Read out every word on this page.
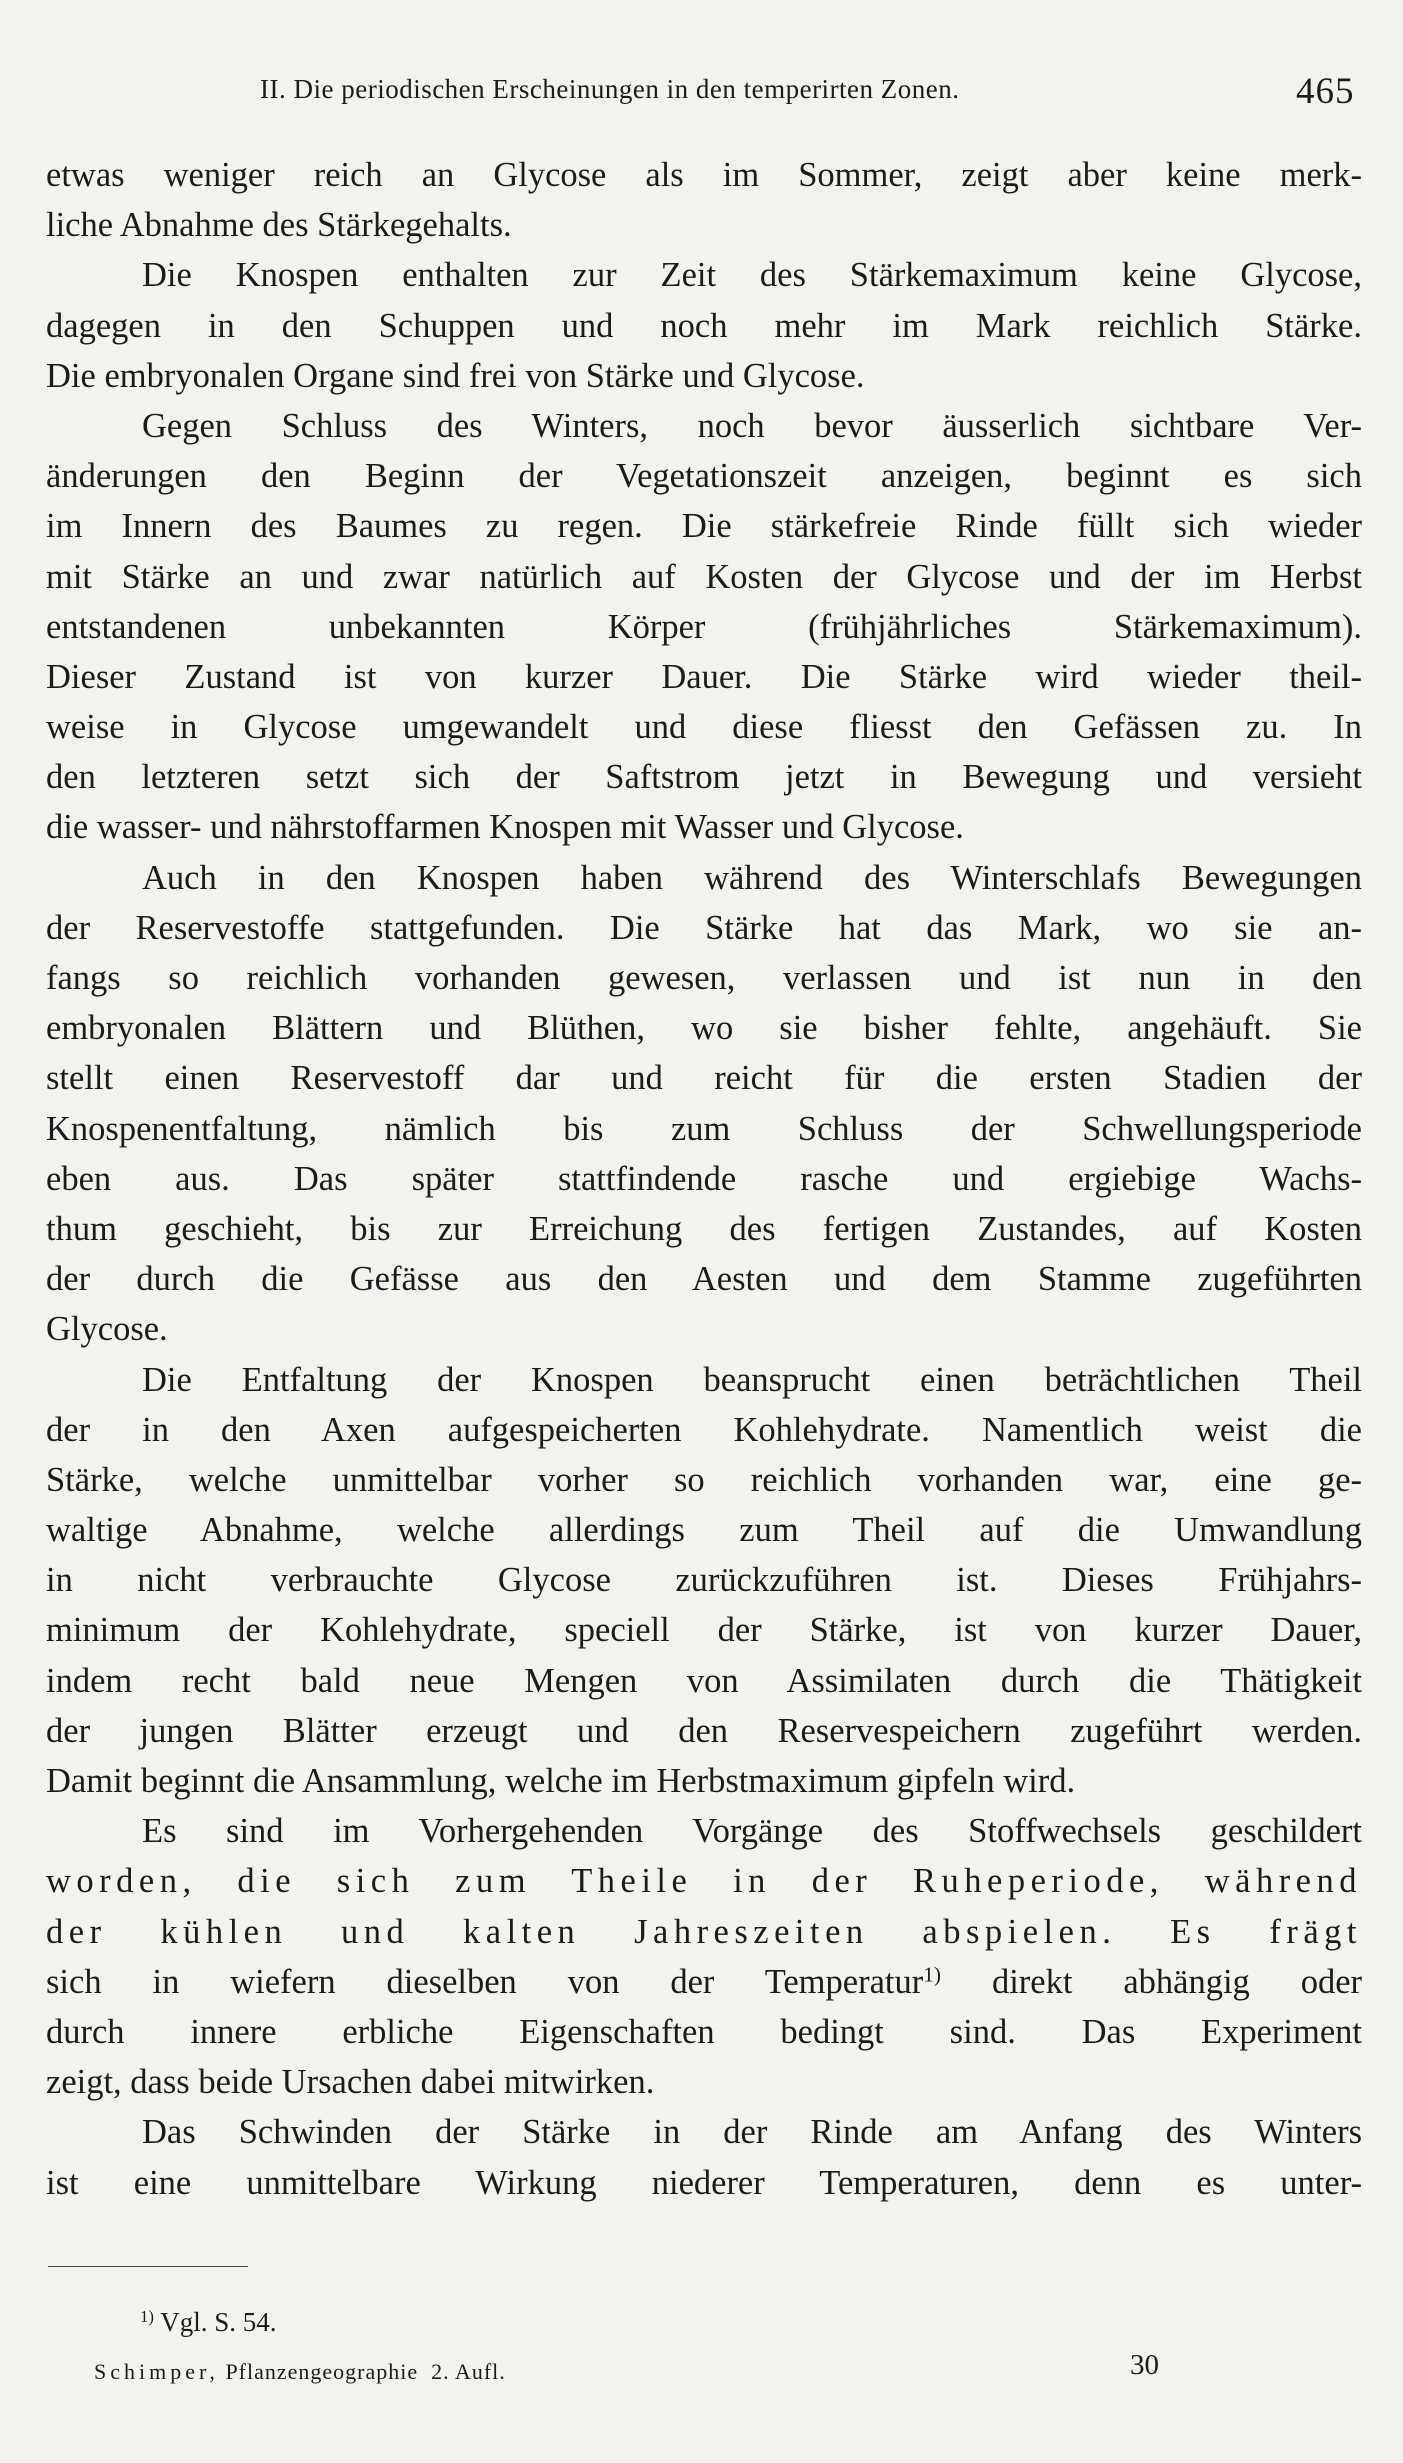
II. Die periodischen Erscheinungen in den temperirten Zonen.	465
etwas weniger reich an Glycose als im Sommer, zeigt aber keine merk-
liche Abnahme des Stärkegehalts.
Die Knospen enthalten zur Zeit des Stärkemaximum keine Glycose,
dagegen in den Schuppen und noch mehr im Mark reichlich Stärke.
Die embryonalen Organe sind frei von Stärke und Glycose.
Gegen Schluss des Winters, noch bevor äusserlich sichtbare Ver-
änderungen den Beginn der Vegetationszeit anzeigen, beginnt es sich
im Innern des Baumes zu regen. Die stärkefreie Rinde füllt sich wieder
mit Stärke an und zwar natürlich auf Kosten der Glycose und der im Herbst
entstandenen unbekannten Körper (frühjährliches Stärkemaximum).
Dieser Zustand ist von kurzer Dauer. Die Stärke wird wieder theil-
weise in Glycose umgewandelt und diese fliesst den Gefässen zu. In
den letzteren setzt sich der Saftstrom jetzt in Bewegung und versieht
die wasser- und nährstoffarmen Knospen mit Wasser und Glycose.
Auch in den Knospen haben während des Winterschlafs Bewegungen
der Reservestoffe stattgefunden. Die Stärke hat das Mark, wo sie an-
fangs so reichlich vorhanden gewesen, verlassen und ist nun in den
embryonalen Blättern und Blüthen, wo sie bisher fehlte, angehäuft. Sie
stellt einen Reservestoff dar und reicht für die ersten Stadien der
Knospenentfaltung, nämlich bis zum Schluss der Schwellungsperiode
eben aus. Das später stattfindende rasche und ergiebige Wachs-
thum geschieht, bis zur Erreichung des fertigen Zustandes, auf Kosten
der durch die Gefässe aus den Aesten und dem Stamme zugeführten
Glycose.
Die Entfaltung der Knospen beansprucht einen beträchtlichen Theil
der in den Axen aufgespeicherten Kohlehydrate. Namentlich weist die
Stärke, welche unmittelbar vorher so reichlich vorhanden war, eine ge-
waltige Abnahme, welche allerdings zum Theil auf die Umwandlung
in nicht verbrauchte Glycose zurückzuführen ist. Dieses Frühjahrs-
minimum der Kohlehydrate, speciell der Stärke, ist von kurzer Dauer,
indem recht bald neue Mengen von Assimilaten durch die Thätigkeit
der jungen Blätter erzeugt und den Reservespeichern zugeführt werden.
Damit beginnt die Ansammlung, welche im Herbstmaximum gipfeln wird.
Es sind im Vorhergehenden Vorgänge des Stoffwechsels geschildert
worden, die sich zum Theile in der Ruheperiode, während
der kühlen und kalten Jahreszeiten abspielen. Es frägt
sich in wiefern dieselben von der Temperatur$^{1)}$ direkt abhängig oder
durch innere erbliche Eigenschaften bedingt sind. Das Experiment
zeigt, dass beide Ursachen dabei mitwirken.
Das Schwinden der Stärke in der Rinde am Anfang des Winters
ist eine unmittelbare Wirkung niederer Temperaturen, denn es unter-
$^{1)}$ Vgl. S. 54.
Schimper, Pflanzengeographie 2. Aufl.	30
